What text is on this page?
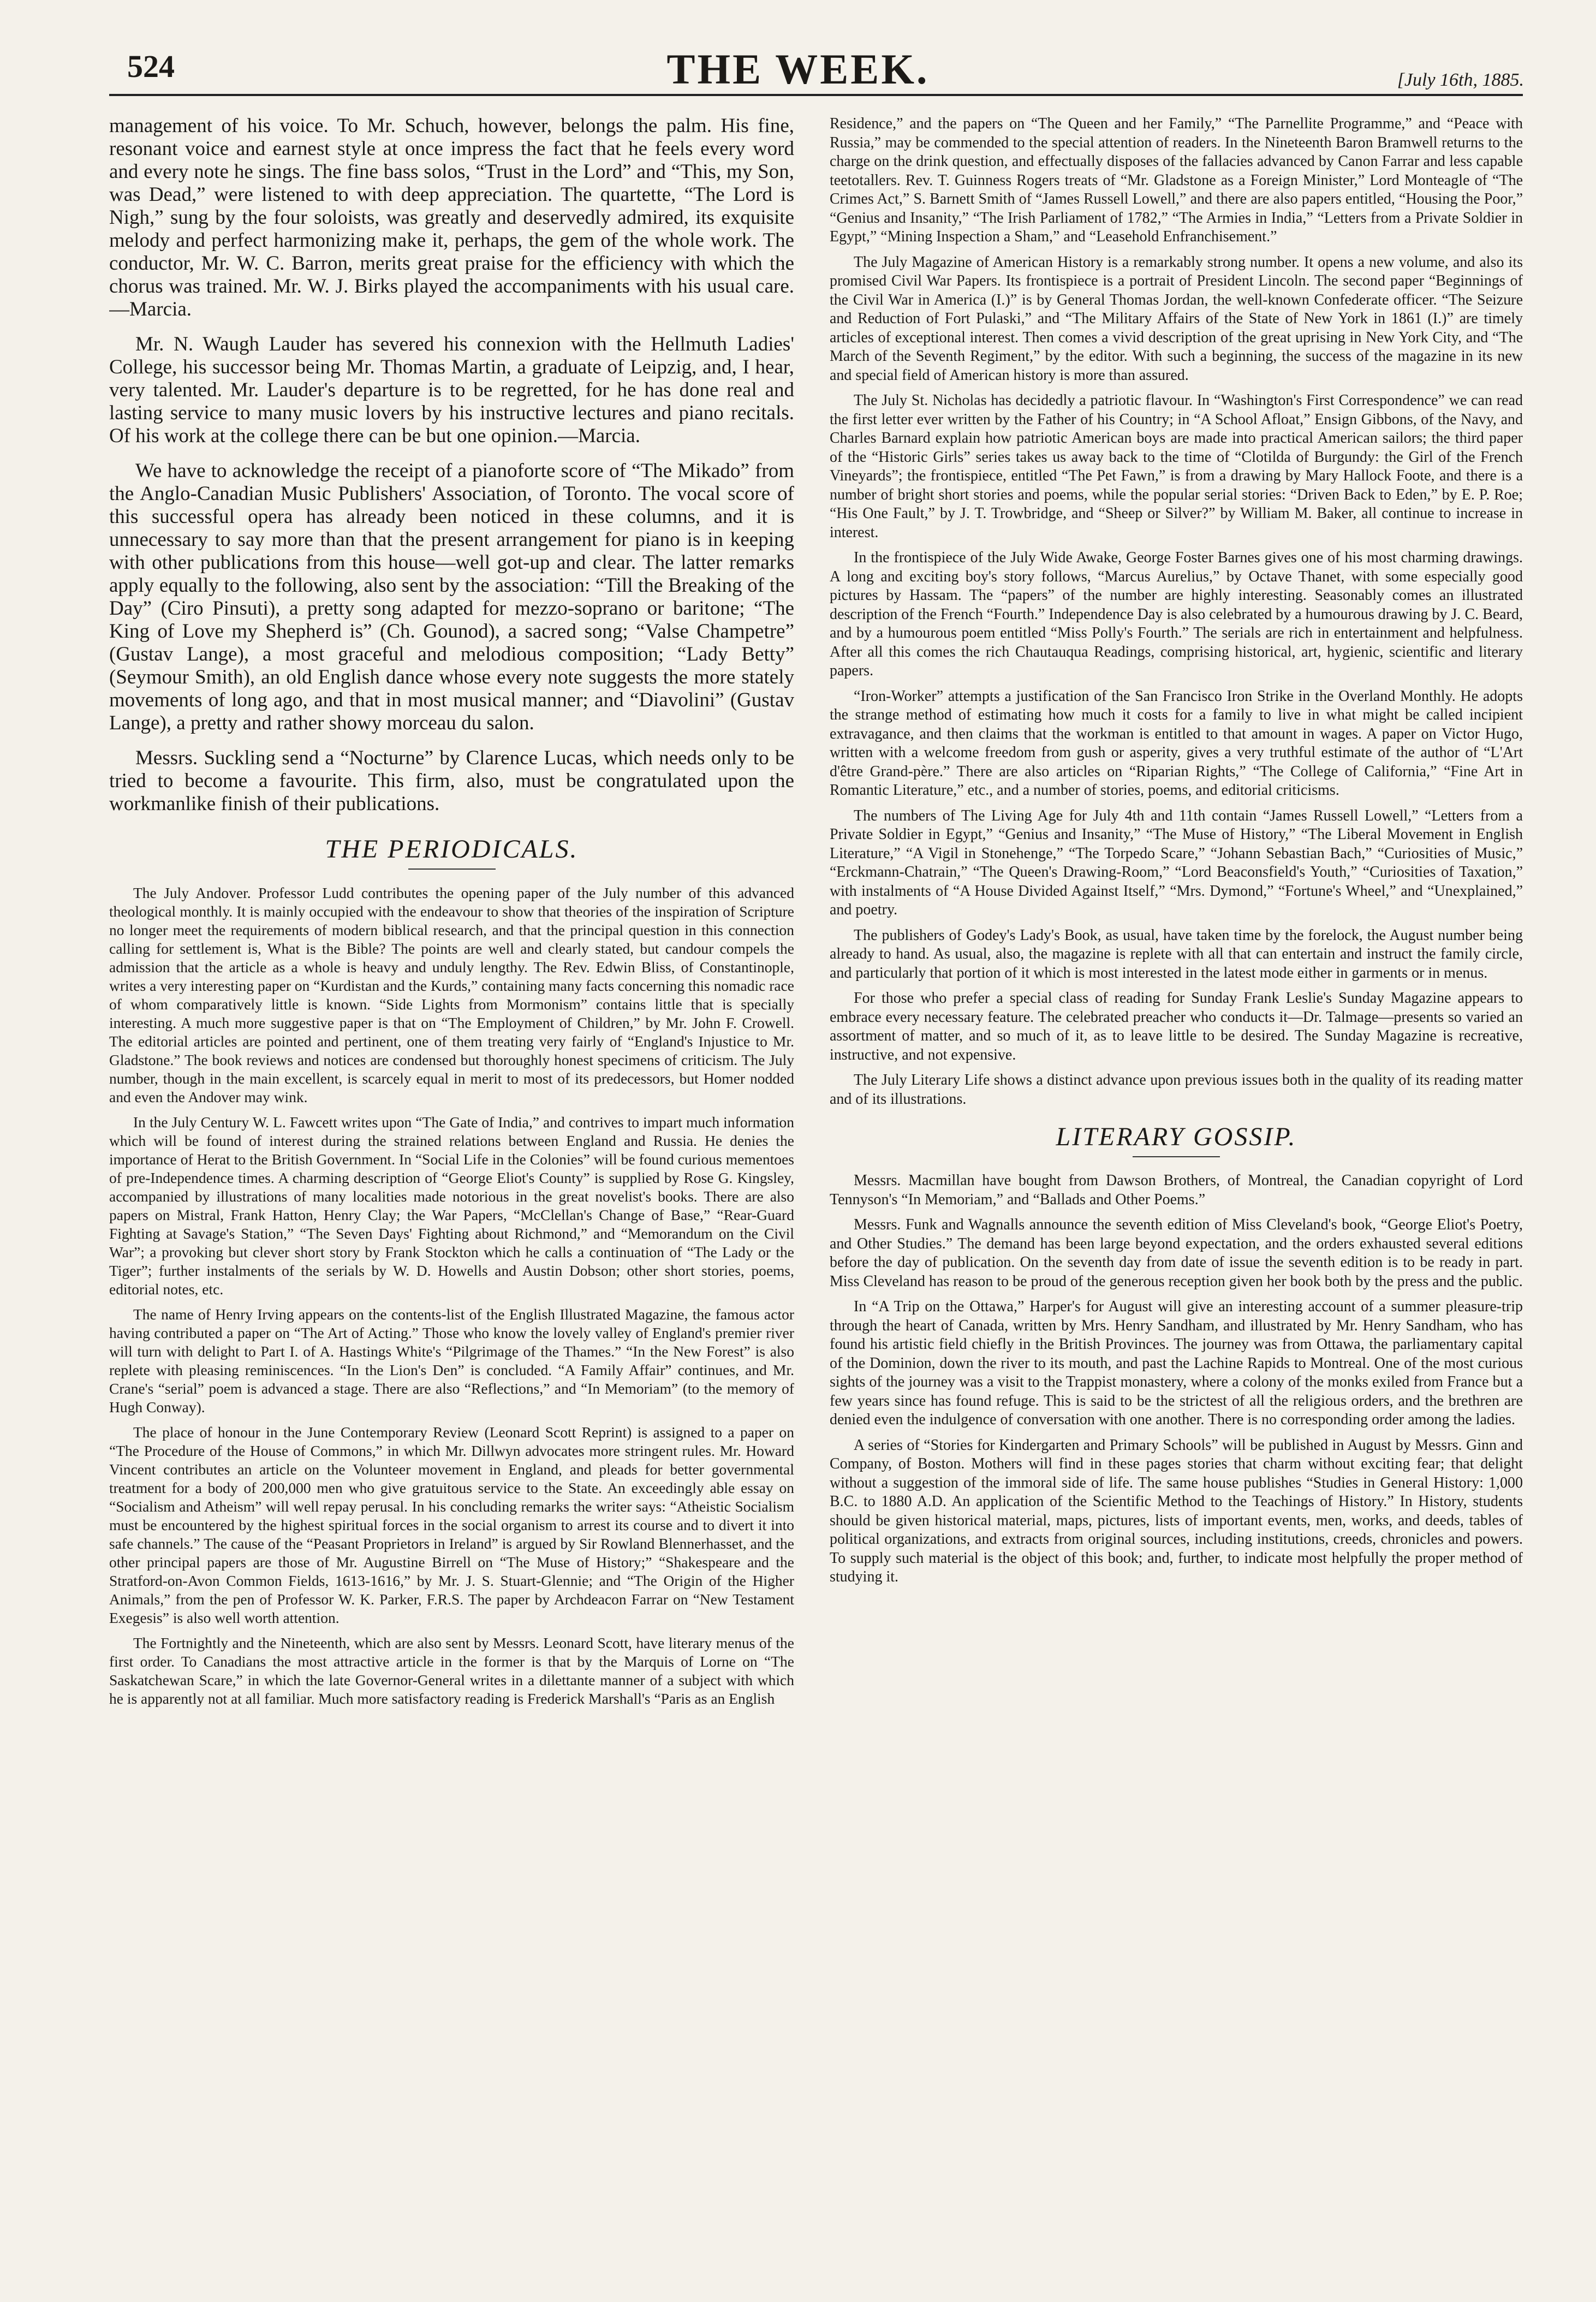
524	THE WEEK.	[July 16th, 1885.

management of his voice. To Mr. Schuch, however, belongs the palm. His fine, resonant voice and earnest style at once impress the fact that he feels every word and every note he sings. The fine bass solos, “Trust in the Lord” and “This, my Son, was Dead,” were listened to with deep appreciation. The quartette, “The Lord is Nigh,” sung by the four soloists, was greatly and deservedly admired, its exquisite melody and perfect harmonizing make it, perhaps, the gem of the whole work. The conductor, Mr. W. C. Barron, merits great praise for the efficiency with which the chorus was trained. Mr. W. J. Birks played the accompaniments with his usual care.—Marcia.

Mr. N. Waugh Lauder has severed his connexion with the Hellmuth Ladies' College, his successor being Mr. Thomas Martin, a graduate of Leipzig, and, I hear, very talented. Mr. Lauder's departure is to be regretted, for he has done real and lasting service to many music lovers by his instructive lectures and piano recitals. Of his work at the college there can be but one opinion.—Marcia.

We have to acknowledge the receipt of a pianoforte score of “The Mikado” from the Anglo-Canadian Music Publishers' Association, of Toronto. The vocal score of this successful opera has already been noticed in these columns, and it is unnecessary to say more than that the present arrangement for piano is in keeping with other publications from this house—well got-up and clear. The latter remarks apply equally to the following, also sent by the association: “Till the Breaking of the Day” (Ciro Pinsuti), a pretty song adapted for mezzo-soprano or baritone; “The King of Love my Shepherd is” (Ch. Gounod), a sacred song; “Valse Champetre” (Gustav Lange), a most graceful and melodious composition; “Lady Betty” (Seymour Smith), an old English dance whose every note suggests the more stately movements of long ago, and that in most musical manner; and “Diavolini” (Gustav Lange), a pretty and rather showy morceau du salon.

Messrs. Suckling send a “Nocturne” by Clarence Lucas, which needs only to be tried to become a favourite. This firm, also, must be congratulated upon the workmanlike finish of their publications.

THE PERIODICALS.

The July Andover. Professor Ludd contributes the opening paper of the July number of this advanced theological monthly. It is mainly occupied with the endeavour to show that theories of the inspiration of Scripture no longer meet the requirements of modern biblical research, and that the principal question in this connection calling for settlement is, What is the Bible? The points are well and clearly stated, but candour compels the admission that the article as a whole is heavy and unduly lengthy. The Rev. Edwin Bliss, of Constantinople, writes a very interesting paper on “Kurdistan and the Kurds,” containing many facts concerning this nomadic race of whom comparatively little is known. “Side Lights from Mormonism” contains little that is specially interesting. A much more suggestive paper is that on “The Employment of Children,” by Mr. John F. Crowell. The editorial articles are pointed and pertinent, one of them treating very fairly of “England's Injustice to Mr. Gladstone.” The book reviews and notices are condensed but thoroughly honest specimens of criticism. The July number, though in the main excellent, is scarcely equal in merit to most of its predecessors, but Homer nodded and even the Andover may wink.

In the July Century W. L. Fawcett writes upon “The Gate of India,” and contrives to impart much information which will be found of interest during the strained relations between England and Russia. He denies the importance of Herat to the British Government. In “Social Life in the Colonies” will be found curious mementoes of pre-Independence times. A charming description of “George Eliot's County” is supplied by Rose G. Kingsley, accompanied by illustrations of many localities made notorious in the great novelist's books. There are also papers on Mistral, Frank Hatton, Henry Clay; the War Papers, “McClellan's Change of Base,” “Rear-Guard Fighting at Savage's Station,” “The Seven Days' Fighting about Richmond,” and “Memorandum on the Civil War”; a provoking but clever short story by Frank Stockton which he calls a continuation of “The Lady or the Tiger”; further instalments of the serials by W. D. Howells and Austin Dobson; other short stories, poems, editorial notes, etc.

The name of Henry Irving appears on the contents-list of the English Illustrated Magazine, the famous actor having contributed a paper on “The Art of Acting.” Those who know the lovely valley of England's premier river will turn with delight to Part I. of A. Hastings White's “Pilgrimage of the Thames.” “In the New Forest” is also replete with pleasing reminiscences. “In the Lion's Den” is concluded. “A Family Affair” continues, and Mr. Crane's “serial” poem is advanced a stage. There are also “Reflections,” and “In Memoriam” (to the memory of Hugh Conway).

The place of honour in the June Contemporary Review (Leonard Scott Reprint) is assigned to a paper on “The Procedure of the House of Commons,” in which Mr. Dillwyn advocates more stringent rules. Mr. Howard Vincent contributes an article on the Volunteer movement in England, and pleads for better governmental treatment for a body of 200,000 men who give gratuitous service to the State. An exceedingly able essay on “Socialism and Atheism” will well repay perusal. In his concluding remarks the writer says: “Atheistic Socialism must be encountered by the highest spiritual forces in the social organism to arrest its course and to divert it into safe channels.” The cause of the “Peasant Proprietors in Ireland” is argued by Sir Rowland Blennerhasset, and the other principal papers are those of Mr. Augustine Birrell on “The Muse of History;” “Shakespeare and the Stratford-on-Avon Common Fields, 1613-1616,” by Mr. J. S. Stuart-Glennie; and “The Origin of the Higher Animals,” from the pen of Professor W. K. Parker, F.R.S. The paper by Archdeacon Farrar on “New Testament Exegesis” is also well worth attention.

The Fortnightly and the Nineteenth, which are also sent by Messrs. Leonard Scott, have literary menus of the first order. To Canadians the most attractive article in the former is that by the Marquis of Lorne on “The Saskatchewan Scare,” in which the late Governor-General writes in a dilettante manner of a subject with which he is apparently not at all familiar. Much more satisfactory reading is Frederick Marshall's “Paris as an English

Residence,” and the papers on “The Queen and her Family,” “The Parnellite Programme,” and “Peace with Russia,” may be commended to the special attention of readers. In the Nineteenth Baron Bramwell returns to the charge on the drink question, and effectually disposes of the fallacies advanced by Canon Farrar and less capable teetotallers. Rev. T. Guinness Rogers treats of “Mr. Gladstone as a Foreign Minister,” Lord Monteagle of “The Crimes Act,” S. Barnett Smith of “James Russell Lowell,” and there are also papers entitled, “Housing the Poor,” “Genius and Insanity,” “The Irish Parliament of 1782,” “The Armies in India,” “Letters from a Private Soldier in Egypt,” “Mining Inspection a Sham,” and “Leasehold Enfranchisement.”

The July Magazine of American History is a remarkably strong number. It opens a new volume, and also its promised Civil War Papers. Its frontispiece is a portrait of President Lincoln. The second paper “Beginnings of the Civil War in America (I.)” is by General Thomas Jordan, the well-known Confederate officer. “The Seizure and Reduction of Fort Pulaski,” and “The Military Affairs of the State of New York in 1861 (I.)” are timely articles of exceptional interest. Then comes a vivid description of the great uprising in New York City, and “The March of the Seventh Regiment,” by the editor. With such a beginning, the success of the magazine in its new and special field of American history is more than assured.

The July St. Nicholas has decidedly a patriotic flavour. In “Washington's First Correspondence” we can read the first letter ever written by the Father of his Country; in “A School Afloat,” Ensign Gibbons, of the Navy, and Charles Barnard explain how patriotic American boys are made into practical American sailors; the third paper of the “Historic Girls” series takes us away back to the time of “Clotilda of Burgundy: the Girl of the French Vineyards”; the frontispiece, entitled “The Pet Fawn,” is from a drawing by Mary Hallock Foote, and there is a number of bright short stories and poems, while the popular serial stories: “Driven Back to Eden,” by E. P. Roe; “His One Fault,” by J. T. Trowbridge, and “Sheep or Silver?” by William M. Baker, all continue to increase in interest.

In the frontispiece of the July Wide Awake, George Foster Barnes gives one of his most charming drawings. A long and exciting boy's story follows, “Marcus Aurelius,” by Octave Thanet, with some especially good pictures by Hassam. The “papers” of the number are highly interesting. Seasonably comes an illustrated description of the French “Fourth.” Independence Day is also celebrated by a humourous drawing by J. C. Beard, and by a humourous poem entitled “Miss Polly's Fourth.” The serials are rich in entertainment and helpfulness. After all this comes the rich Chautauqua Readings, comprising historical, art, hygienic, scientific and literary papers.

“Iron-Worker” attempts a justification of the San Francisco Iron Strike in the Overland Monthly. He adopts the strange method of estimating how much it costs for a family to live in what might be called incipient extravagance, and then claims that the workman is entitled to that amount in wages. A paper on Victor Hugo, written with a welcome freedom from gush or asperity, gives a very truthful estimate of the author of “L'Art d'être Grand-père.” There are also articles on “Riparian Rights,” “The College of California,” “Fine Art in Romantic Literature,” etc., and a number of stories, poems, and editorial criticisms.

The numbers of The Living Age for July 4th and 11th contain “James Russell Lowell,” “Letters from a Private Soldier in Egypt,” “Genius and Insanity,” “The Muse of History,” “The Liberal Movement in English Literature,” “A Vigil in Stonehenge,” “The Torpedo Scare,” “Johann Sebastian Bach,” “Curiosities of Music,” “Erckmann-Chatrain,” “The Queen's Drawing-Room,” “Lord Beaconsfield's Youth,” “Curiosities of Taxation,” with instalments of “A House Divided Against Itself,” “Mrs. Dymond,” “Fortune's Wheel,” and “Unexplained,” and poetry.

The publishers of Godey's Lady's Book, as usual, have taken time by the forelock, the August number being already to hand. As usual, also, the magazine is replete with all that can entertain and instruct the family circle, and particularly that portion of it which is most interested in the latest mode either in garments or in menus.

For those who prefer a special class of reading for Sunday Frank Leslie's Sunday Magazine appears to embrace every necessary feature. The celebrated preacher who conducts it—Dr. Talmage—presents so varied an assortment of matter, and so much of it, as to leave little to be desired. The Sunday Magazine is recreative, instructive, and not expensive.

The July Literary Life shows a distinct advance upon previous issues both in the quality of its reading matter and of its illustrations.

LITERARY GOSSIP.

Messrs. Macmillan have bought from Dawson Brothers, of Montreal, the Canadian copyright of Lord Tennyson's “In Memoriam,” and “Ballads and Other Poems.”

Messrs. Funk and Wagnalls announce the seventh edition of Miss Cleveland's book, “George Eliot's Poetry, and Other Studies.” The demand has been large beyond expectation, and the orders exhausted several editions before the day of publication. On the seventh day from date of issue the seventh edition is to be ready in part. Miss Cleveland has reason to be proud of the generous reception given her book both by the press and the public.

In “A Trip on the Ottawa,” Harper's for August will give an interesting account of a summer pleasure-trip through the heart of Canada, written by Mrs. Henry Sandham, and illustrated by Mr. Henry Sandham, who has found his artistic field chiefly in the British Provinces. The journey was from Ottawa, the parliamentary capital of the Dominion, down the river to its mouth, and past the Lachine Rapids to Montreal. One of the most curious sights of the journey was a visit to the Trappist monastery, where a colony of the monks exiled from France but a few years since has found refuge. This is said to be the strictest of all the religious orders, and the brethren are denied even the indulgence of conversation with one another. There is no corresponding order among the ladies.

A series of “Stories for Kindergarten and Primary Schools” will be published in August by Messrs. Ginn and Company, of Boston. Mothers will find in these pages stories that charm without exciting fear; that delight without a suggestion of the immoral side of life. The same house publishes “Studies in General History: 1,000 B.C. to 1880 A.D. An application of the Scientific Method to the Teachings of History.” In History, students should be given historical material, maps, pictures, lists of important events, men, works, and deeds, tables of political organizations, and extracts from original sources, including institutions, creeds, chronicles and powers. To supply such material is the object of this book; and, further, to indicate most helpfully the proper method of studying it.
